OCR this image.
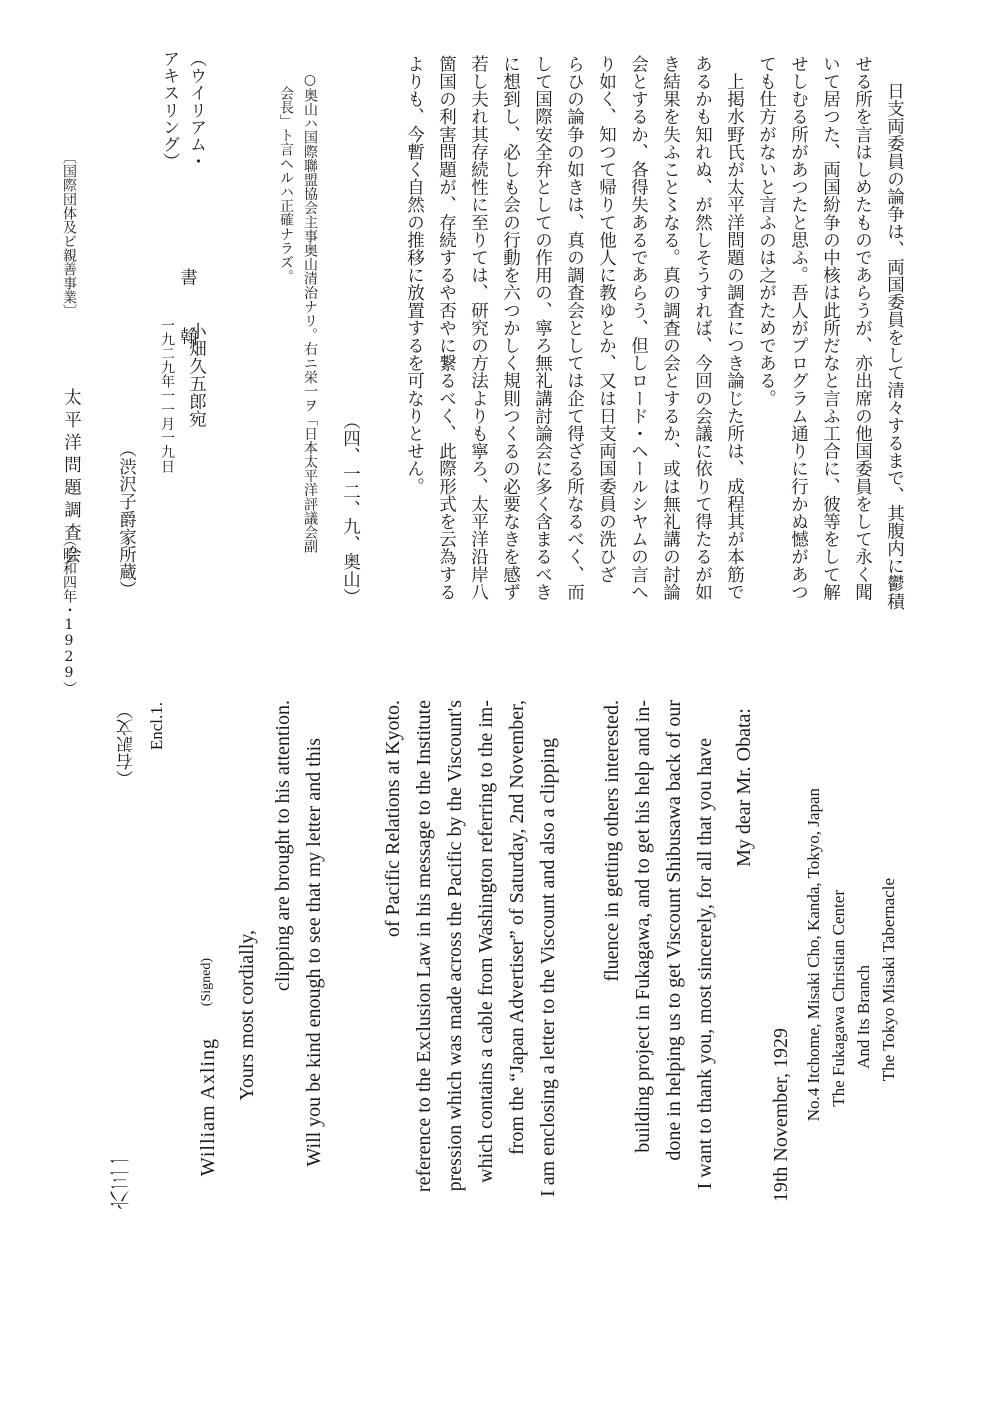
日支両委員の論争は、両国委員をして清々するまで、其腹内に鬱積
せる所を言はしめたものであらうが、亦出席の他国委員をして永く聞
いて居つた、両国紛争の中核は此所だなと言ふ工合に、彼等をして解
せしむる所があつたと思ふ。吾人がプログラム通りに行かぬ憾があつ
ても仕方がないと言ふのは之がためである。
　上掲水野氏が太平洋問題の調査につき論じた所は、成程其が本筋で
あるかも知れぬ、が然しそうすれば、今回の会議に依りて得たるが如
き結果を失ふこと〻なる。真の調査の会とするか、或は無礼講の討論
会とするか、各得失あるであらう、但しロード・ヘールシヤムの言へ
り如く、知つて帰りて他人に教ゆとか、又は日支両国委員の洗ひざ
らひの論争の如きは、真の調査会としては企て得ざる所なるべく、而
して国際安全弁としての作用の、寧ろ無礼講討論会に多く含まるべき
に想到し、必しも会の行動を六つかしく規則つくるの必要なきを感ず
若し夫れ其存続性に至りては、研究の方法よりも寧ろ、太平洋沿岸八
箇国の利害問題が、存続するや否やに繋るべく、此際形式を云為する
よりも、今暫く自然の推移に放置するを可なりとせん。
（四、一二、九、奥山）
○奥山ハ国際聯盟協会主事奥山清治ナリ。右ニ栄一ヲ「日本太平洋評議会副
会長」ト言ヘルハ正確ナラズ。
（ウイリアム・
アキスリング）
書　翰
小畑久五郎宛
一九二九年一一月一九日
（渋沢子爵家所蔵）
〔国際団体及ビ親善事業〕
太平洋問題調査会
（昭和四年・1929）
The Tokyo Misaki Tabernacle
And Its Branch
The Fukagawa Christian Center
No.4 Itchome, Misaki Cho, Kanda, Tokyo, Japan
19th November, 1929
My dear Mr. Obata:
I want to thank you, most sincerely, for all that you have
done in helping us to get Viscount Shibusawa back of our
building project in Fukagawa, and to get his help and in-
fluence in getting others interested.
I am enclosing a letter to the Viscount and also a clipping
from the “Japan Advertiser” of Saturday, 2nd November,
which contains a cable from Washington referring to the im-
pression which was made across the Pacific by the Viscount's
reference to the Exclusion Law in his message to the Institute
of Pacific Relations at Kyoto.
Will you be kind enough to see that my letter and this
clipping are brought to his attention.
Yours most cordially,
(Signed)
William Axling
Encl.1.
（右訳文）
六三一
